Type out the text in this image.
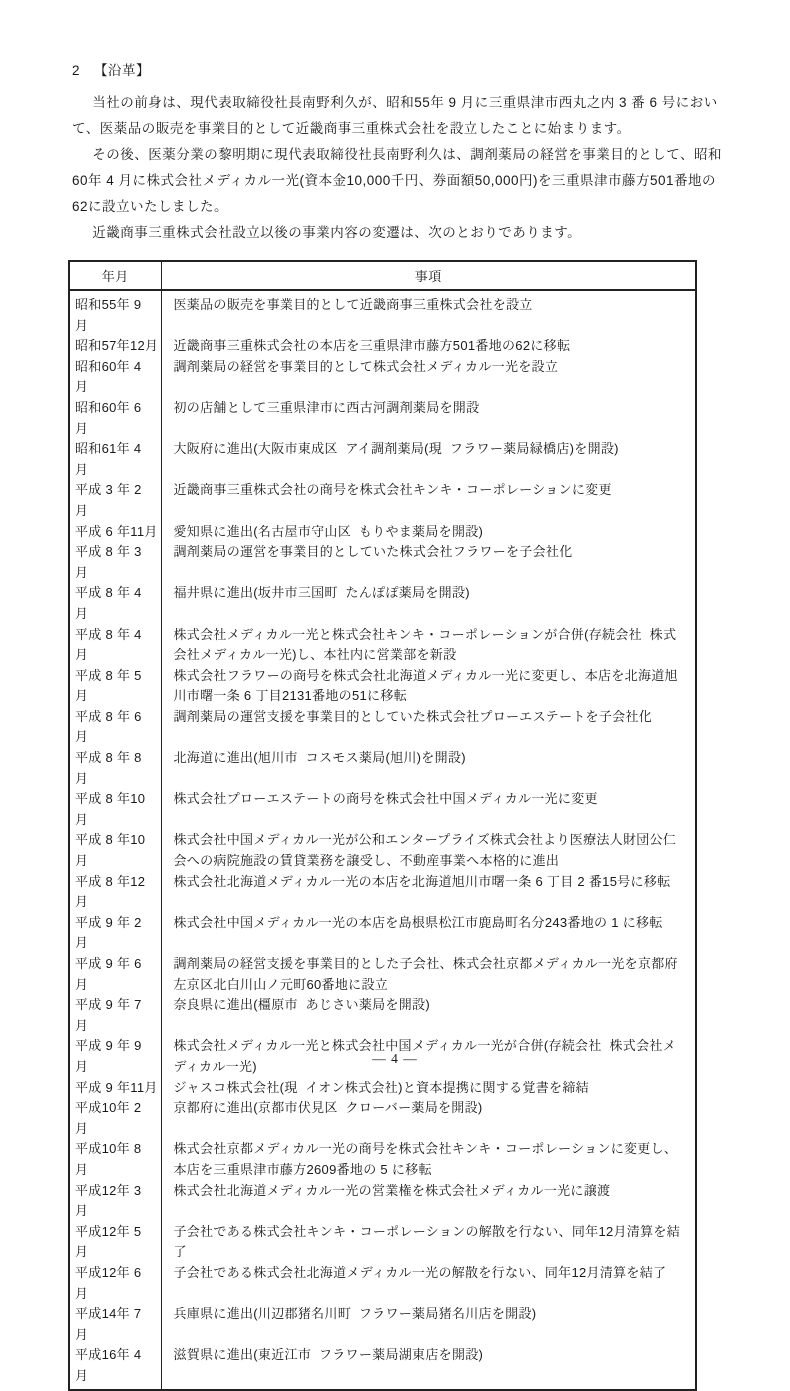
2 【沿革】

当社の前身は、現代表取締役社長南野利久が、昭和55年 9 月に三重県津市西丸之内 3 番 6 号において、医薬品の販売を事業目的として近畿商事三重株式会社を設立したことに始まります。

その後、医薬分業の黎明期に現代表取締役社長南野利久は、調剤薬局の経営を事業目的として、昭和60年 4 月に株式会社メディカル一光(資本金10,000千円、券面額50,000円)を三重県津市藤方501番地の62に設立いたしました。

近畿商事三重株式会社設立以後の事業内容の変遷は、次のとおりであります。

年月	事項
昭和55年 9 月	医薬品の販売を事業目的として近畿商事三重株式会社を設立
昭和57年12月	近畿商事三重株式会社の本店を三重県津市藤方501番地の62に移転
昭和60年 4 月	調剤薬局の経営を事業目的として株式会社メディカル一光を設立
昭和60年 6 月	初の店舗として三重県津市に西古河調剤薬局を開設
昭和61年 4 月	大阪府に進出(大阪市東成区  アイ調剤薬局(現  フラワー薬局緑橋店)を開設)
平成 3 年 2 月	近畿商事三重株式会社の商号を株式会社キンキ・コーポレーションに変更
平成 6 年11月	愛知県に進出(名古屋市守山区  もりやま薬局を開設)
平成 8 年 3 月	調剤薬局の運営を事業目的としていた株式会社フラワーを子会社化
平成 8 年 4 月	福井県に進出(坂井市三国町  たんぽぽ薬局を開設)
平成 8 年 4 月	株式会社メディカル一光と株式会社キンキ・コーポレーションが合併(存続会社  株式会社メディカル一光)し、本社内に営業部を新設
平成 8 年 5 月	株式会社フラワーの商号を株式会社北海道メディカル一光に変更し、本店を北海道旭川市曙一条 6 丁目2131番地の51に移転
平成 8 年 6 月	調剤薬局の運営支援を事業目的としていた株式会社プローエステートを子会社化
平成 8 年 8 月	北海道に進出(旭川市  コスモス薬局(旭川)を開設)
平成 8 年10月	株式会社プローエステートの商号を株式会社中国メディカル一光に変更
平成 8 年10月	株式会社中国メディカル一光が公和エンタープライズ株式会社より医療法人財団公仁会への病院施設の賃貸業務を譲受し、不動産事業へ本格的に進出
平成 8 年12月	株式会社北海道メディカル一光の本店を北海道旭川市曙一条 6 丁目 2 番15号に移転
平成 9 年 2 月	株式会社中国メディカル一光の本店を島根県松江市鹿島町名分243番地の 1 に移転
平成 9 年 6 月	調剤薬局の経営支援を事業目的とした子会社、株式会社京都メディカル一光を京都府左京区北白川山ノ元町60番地に設立
平成 9 年 7 月	奈良県に進出(橿原市  あじさい薬局を開設)
平成 9 年 9 月	株式会社メディカル一光と株式会社中国メディカル一光が合併(存続会社  株式会社メディカル一光)
平成 9 年11月	ジャスコ株式会社(現  イオン株式会社)と資本提携に関する覚書を締結
平成10年 2 月	京都府に進出(京都市伏見区  クローバー薬局を開設)
平成10年 8 月	株式会社京都メディカル一光の商号を株式会社キンキ・コーポレーションに変更し、本店を三重県津市藤方2609番地の 5 に移転
平成12年 3 月	株式会社北海道メディカル一光の営業権を株式会社メディカル一光に譲渡
平成12年 5 月	子会社である株式会社キンキ・コーポレーションの解散を行ない、同年12月清算を結了
平成12年 6 月	子会社である株式会社北海道メディカル一光の解散を行ない、同年12月清算を結了
平成14年 7 月	兵庫県に進出(川辺郡猪名川町  フラワー薬局猪名川店を開設)
平成16年 4 月	滋賀県に進出(東近江市  フラワー薬局湖東店を開設)
— 4 —
